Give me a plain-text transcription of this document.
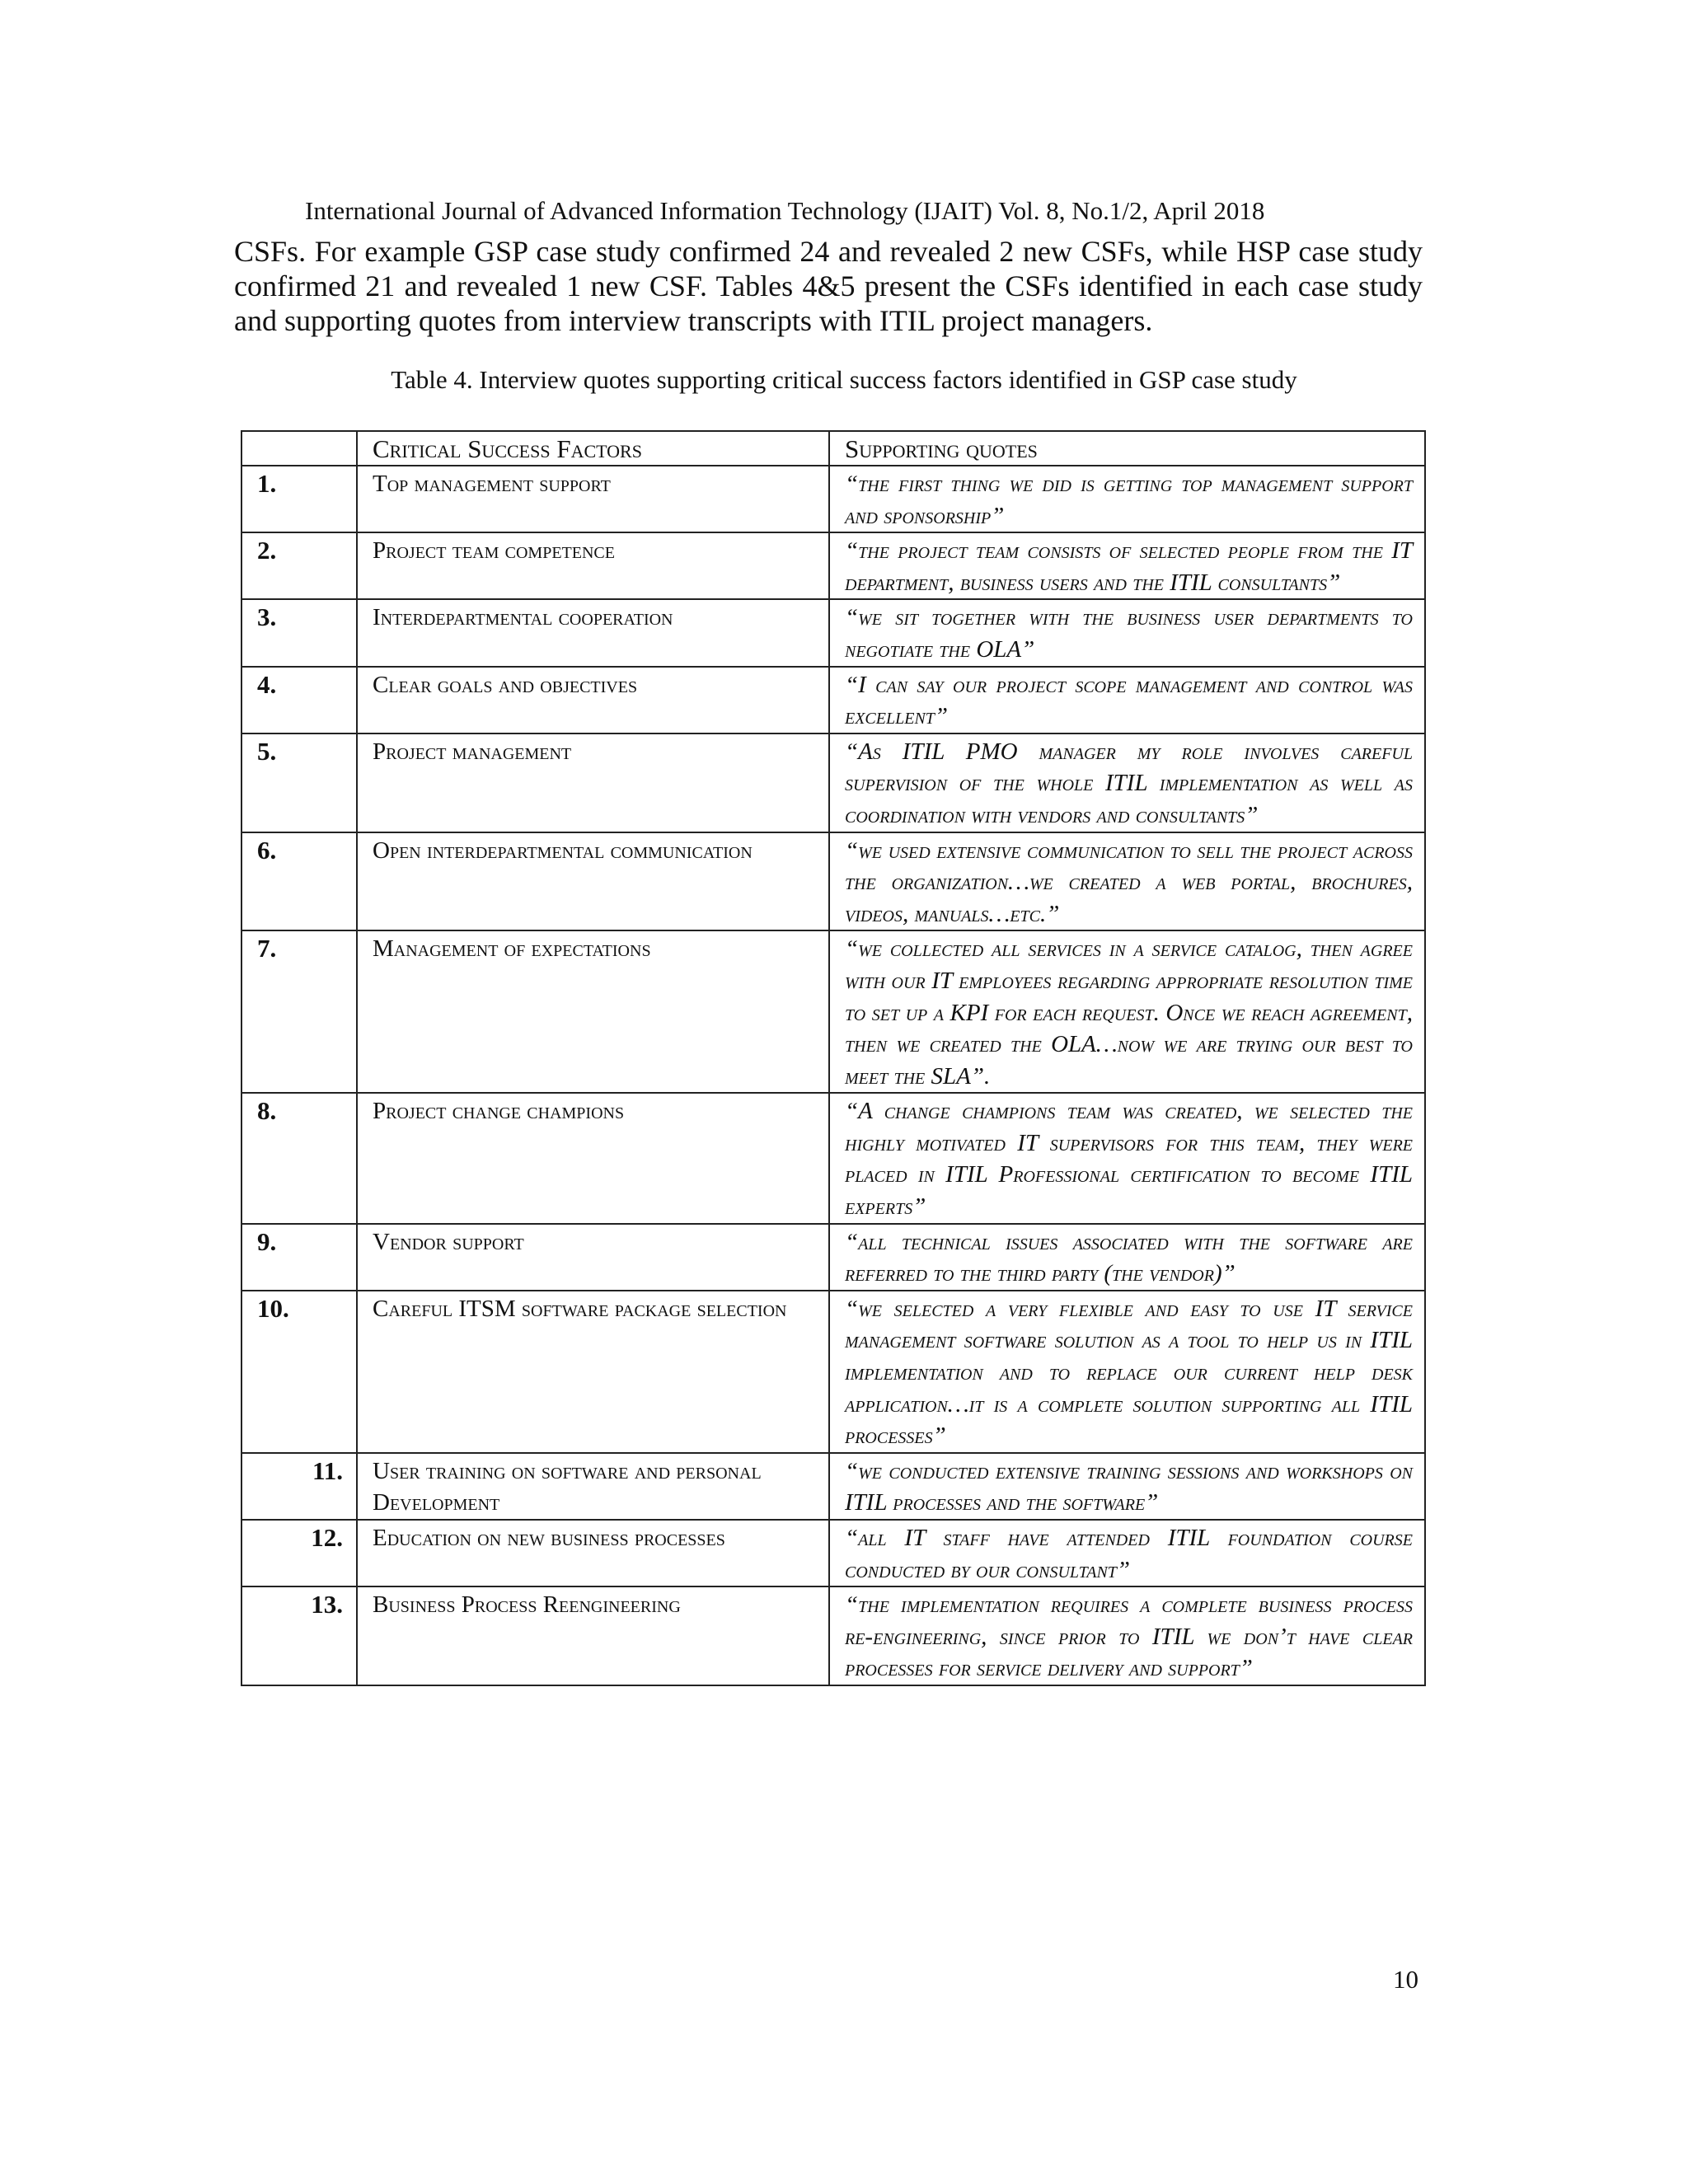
International Journal of Advanced Information Technology (IJAIT) Vol. 8, No.1/2, April 2018
CSFs. For example GSP case study confirmed 24 and revealed 2 new CSFs, while HSP case study confirmed 21 and revealed 1 new CSF. Tables 4&5 present the CSFs identified in each case study and supporting quotes from interview transcripts with ITIL project managers.
Table 4. Interview quotes supporting critical success factors identified in GSP case study
	Critical Success Factors	Supporting quotes
1.	Top management support	“the first thing we did is getting top management support and sponsorship”
2.	Project team competence	“the project team consists of selected people from the IT department, business users and the ITIL consultants”
3.	Interdepartmental cooperation	“we sit together with the business user departments to negotiate the OLA”
4.	Clear goals and objectives	“I can say our project scope management and control was excellent”
5.	Project management	“As ITIL PMO manager my role involves careful supervision of the whole ITIL implementation as well as coordination with vendors and consultants”
6.	Open interdepartmental communication	“we used extensive communication to sell the project across the organization…we created a web portal, brochures, videos, manuals…etc.”
7.	Management of expectations	“we collected all services in a service catalog, then agree with our IT employees regarding appropriate resolution time to set up a KPI for each request. Once we reach agreement, then we created the OLA…now we are trying our best to meet the SLA”.
8.	Project change champions	“A change champions team was created, we selected the highly motivated IT supervisors for this team, they were placed in ITIL Professional certification to become ITIL experts”
9.	Vendor support	“all technical issues associated with the software are referred to the third party (the vendor)”
10.	Careful ITSM software package selection	“we selected a very flexible and easy to use IT service management software solution as a tool to help us in ITIL implementation and to replace our current help desk application…it is a complete solution supporting all ITIL processes”
11.	User training on software and personal Development	“we conducted extensive training sessions and workshops on ITIL processes and the software”
12.	Education on new business processes	“all IT staff have attended ITIL foundation course conducted by our consultant”
13.	Business Process Reengineering	“the implementation requires a complete business process re-engineering, since prior to ITIL we don’t have clear processes for service delivery and support”
10
